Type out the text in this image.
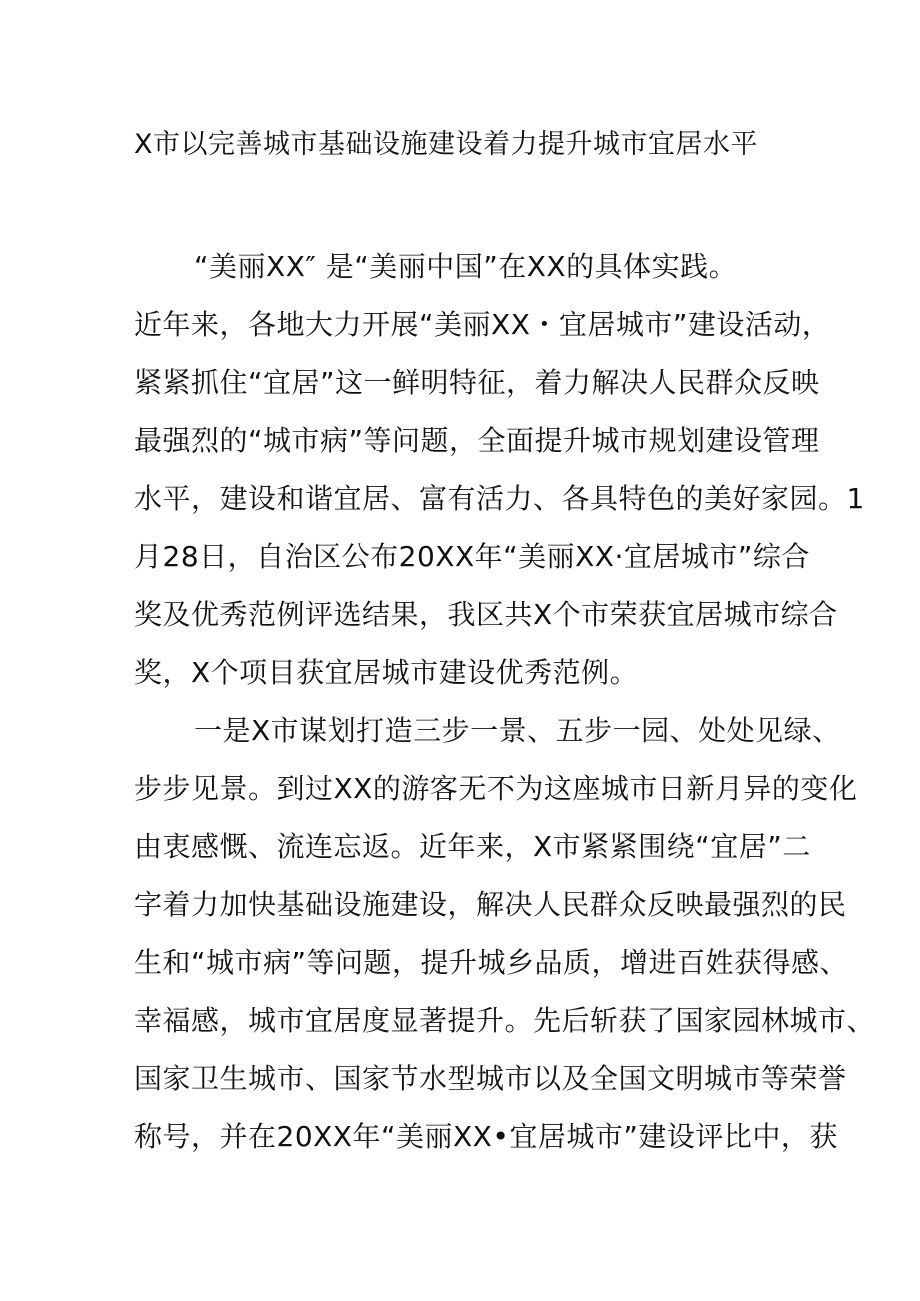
X市以完善城市基础设施建设着力提升城市宜居水平
“美丽XX″ 是“美丽中国”在XX的具体实践。
近年来，各地大力开展“美丽XX・宜居城市”建设活动，
紧紧抓住“宜居”这一鲜明特征，着力解决人民群众反映
最强烈的“城市病”等问题，全面提升城市规划建设管理
水平，建设和谐宜居、富有活力、各具特色的美好家园。1
月28日，自治区公布20XX年“美丽XX·宜居城市”综合
奖及优秀范例评选结果，我区共X个市荣获宜居城市综合
奖，X个项目获宜居城市建设优秀范例。
一是X市谋划打造三步一景、五步一园、处处见绿、
步步见景。到过XX的游客无不为这座城市日新月异的变化
由衷感慨、流连忘返。近年来，X市紧紧围绕“宜居”二
字着力加快基础设施建设，解决人民群众反映最强烈的民
生和“城市病”等问题，提升城乡品质，增进百姓获得感、
幸福感，城市宜居度显著提升。先后斩获了国家园林城市、
国家卫生城市、国家节水型城市以及全国文明城市等荣誉
称号，并在20XX年“美丽XX•宜居城市”建设评比中，获
